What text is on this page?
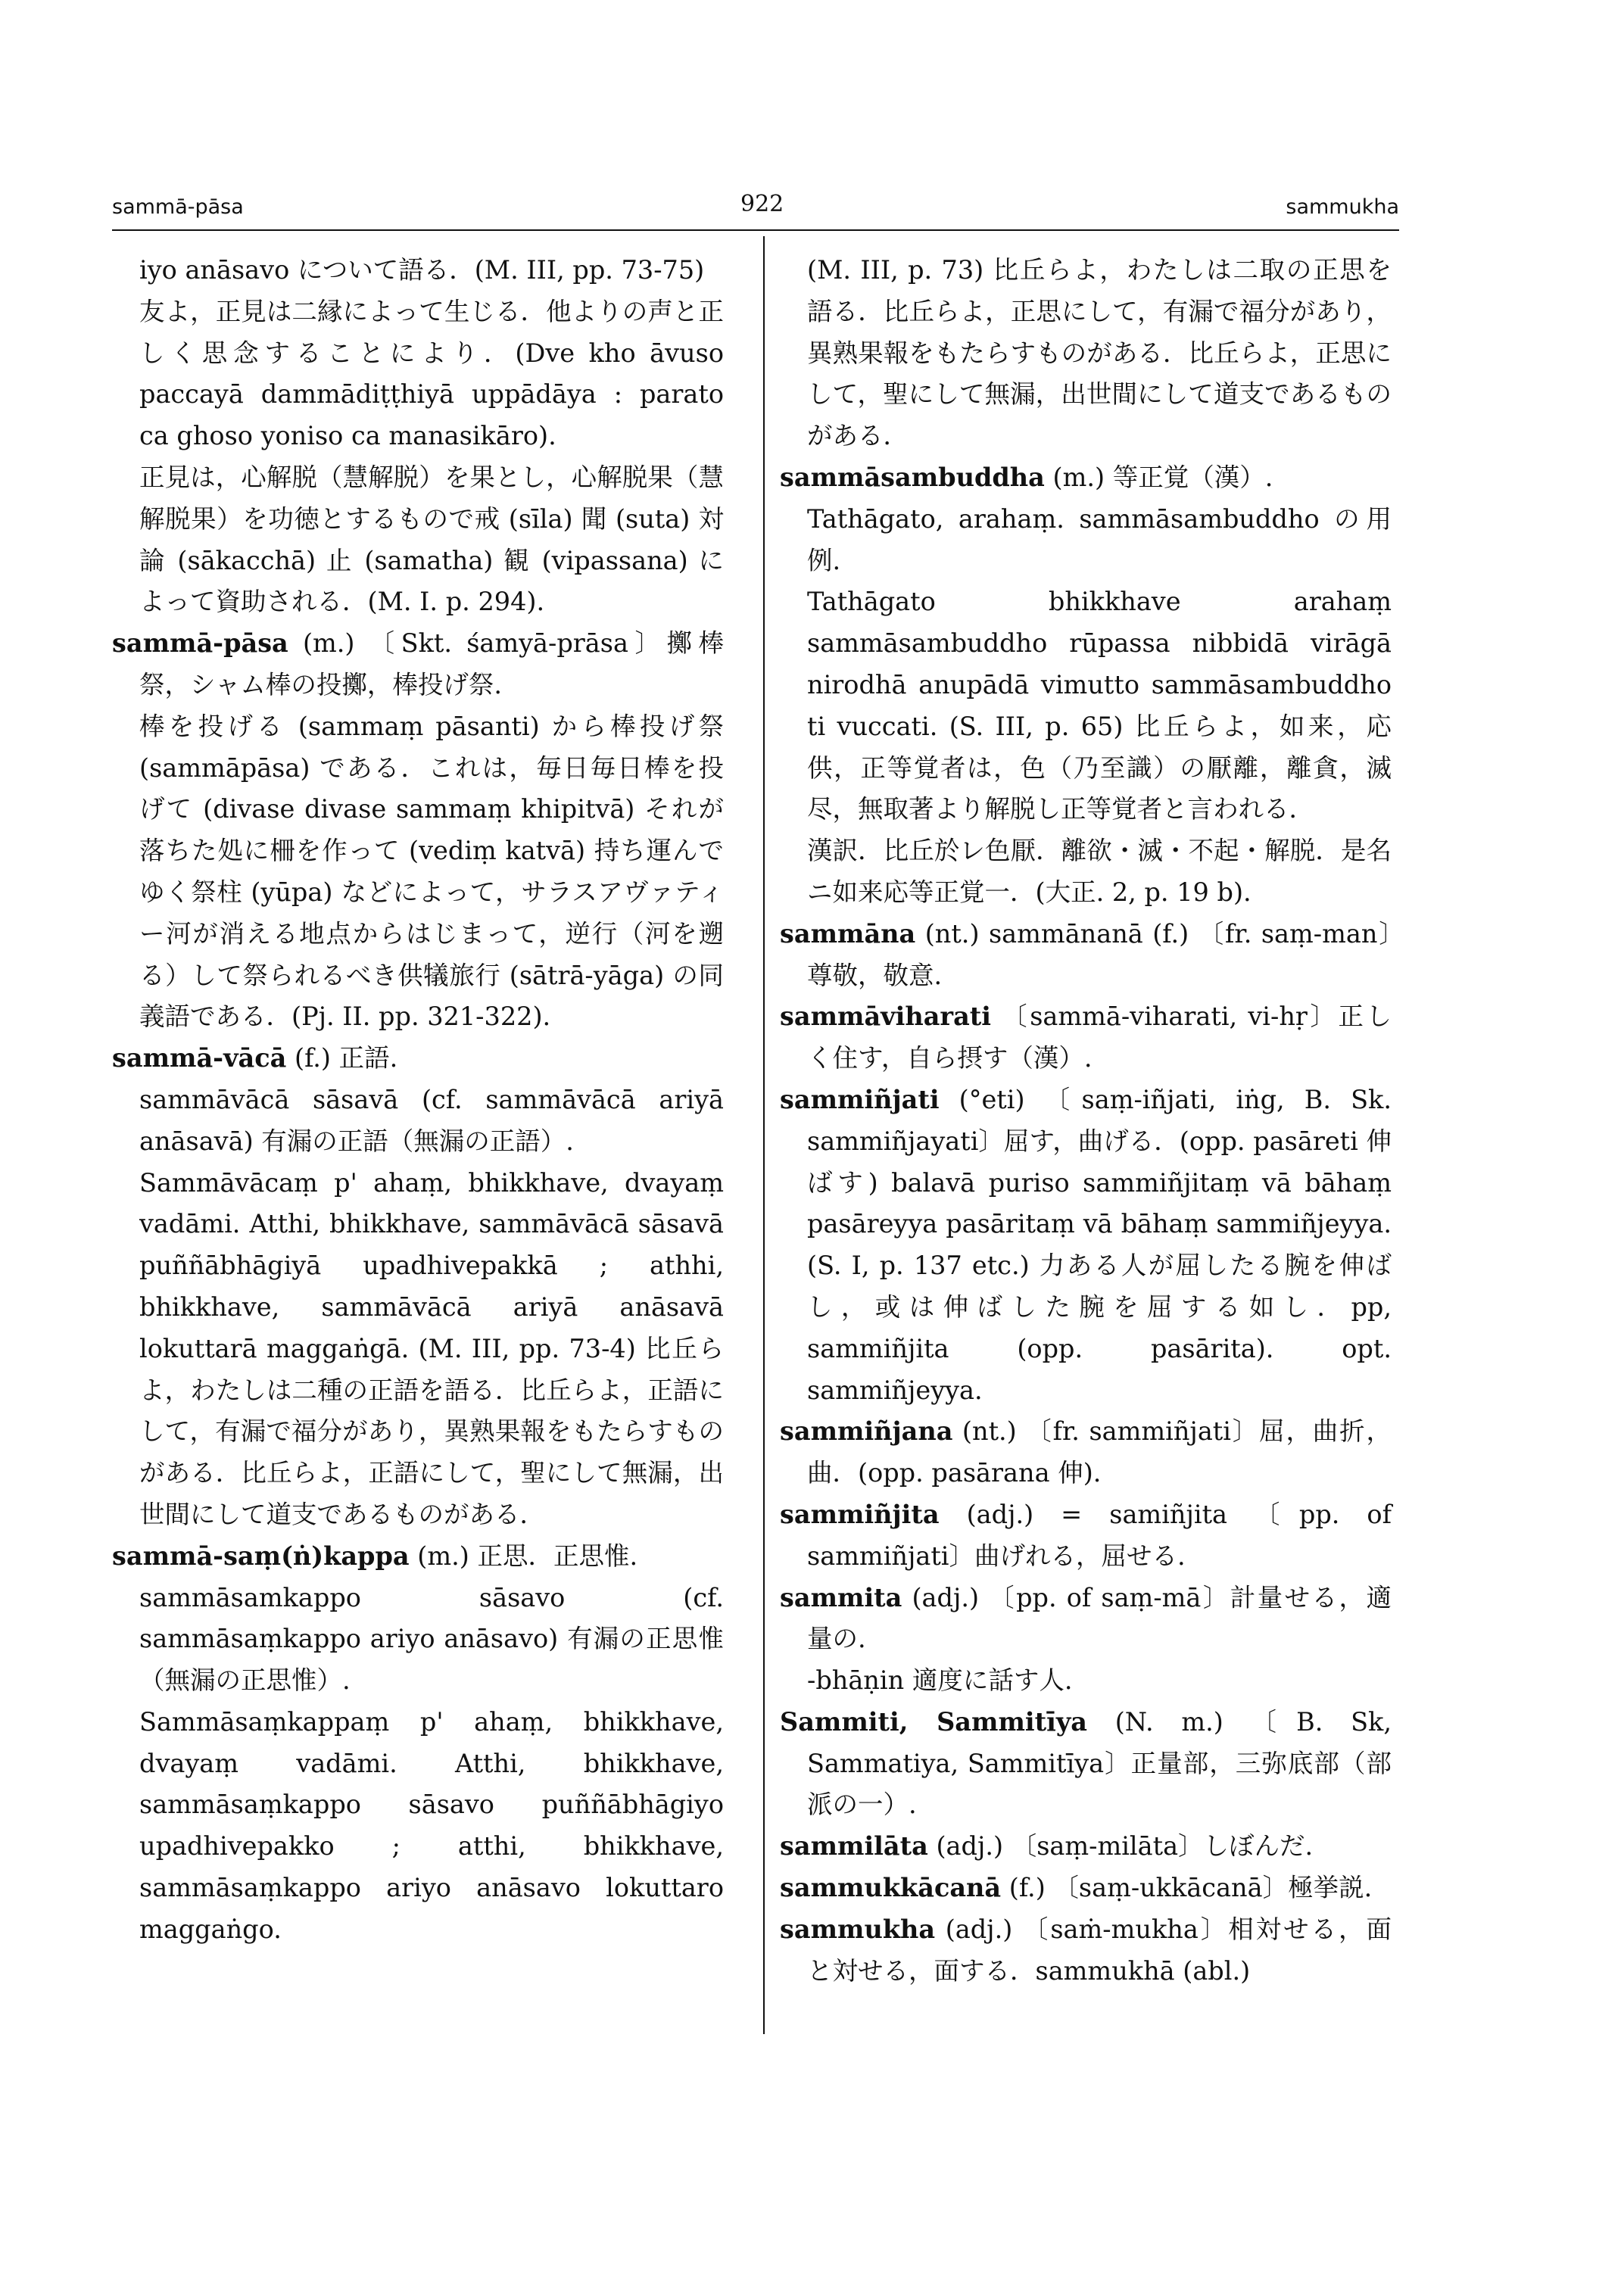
sammā-pāsa	922	sammukha
iyo anāsavo について語る．(M. III, pp. 73-75)
友よ，正見は二縁によって生じる．他よりの声と正しく思念することにより．(Dve kho āvuso paccayā dammādiṭṭhiyā uppādāya : parato ca ghoso yoniso ca manasikāro).
正見は，心解脱（慧解脱）を果とし，心解脱果（慧解脱果）を功徳とするもので戒 (sīla) 聞 (suta) 対論 (sākacchā) 止 (samatha) 観 (vipassana) によって資助される．(M. I. p. 294).
sammā-pāsa (m.) 〔Skt. śamyā-prāsa〕擲棒祭，シャム棒の投擲，棒投げ祭.
棒を投げる (sammaṃ pāsanti) から棒投げ祭 (sammāpāsa) である．これは，毎日毎日棒を投げて (divase divase sammaṃ khipitvā) それが落ちた処に柵を作って (vediṃ katvā) 持ち運んでゆく祭柱 (yūpa) などによって，サラスアヴァティー河が消える地点からはじまって，逆行（河を遡る）して祭られるべき供犠旅行 (sātrā-yāga) の同義語である．(Pj. II. pp. 321-322).
sammā-vācā (f.) 正語.
sammāvācā sāsavā (cf. sammāvācā ariyā anāsavā) 有漏の正語（無漏の正語）.
Sammāvācaṃ p' ahaṃ, bhikkhave, dvayaṃ vadāmi. Atthi, bhikkhave, sammāvācā sāsavā puññābhāgiyā upadhivepakkā ; athhi, bhikkhave, sammāvācā ariyā anāsavā lokuttarā maggaṅgā. (M. III, pp. 73-4) 比丘らよ，わたしは二種の正語を語る．比丘らよ，正語にして，有漏で福分があり，異熟果報をもたらすものがある．比丘らよ，正語にして，聖にして無漏，出世間にして道支であるものがある．
sammā-saṃ(ṅ)kappa (m.) 正思．正思惟.
sammāsamkappo sāsavo (cf. sammāsaṃkappo ariyo anāsavo) 有漏の正思惟（無漏の正思惟）.
Sammāsaṃkappaṃ p' ahaṃ, bhikkhave, dvayaṃ vadāmi. Atthi, bhikkhave, sammāsaṃkappo sāsavo puññābhāgiyo upadhivepakko ; atthi, bhikkhave, sammāsaṃkappo ariyo anāsavo lokuttaro maggaṅgo.
(M. III, p. 73) 比丘らよ，わたしは二取の正思を語る．比丘らよ，正思にして，有漏で福分があり，異熟果報をもたらすものがある．比丘らよ，正思にして，聖にして無漏，出世間にして道支であるものがある．
sammāsambuddha (m.) 等正覚（漢）.
Tathāgato, arahaṃ. sammāsambuddho の用例.
Tathāgato bhikkhave arahaṃ sammāsambuddho rūpassa nibbidā virāgā nirodhā anupādā vimutto sammāsambuddho ti vuccati. (S. III, p. 65) 比丘らよ，如来，応供，正等覚者は，色（乃至識）の厭離，離貪，滅尽，無取著より解脱し正等覚者と言われる．
漢訳．比丘於レ色厭．離欲・滅・不起・解脱．是名ニ如来応等正覚一．(大正. 2, p. 19 b).
sammāna (nt.) sammānanā (f.) 〔fr. saṃ-man〕尊敬，敬意.
sammāviharati 〔sammā-viharati, vi-hṛ〕正しく住す，自ら摂す（漢）.
sammiñjati (°eti) 〔saṃ-iñjati, iṅg, B. Sk. sammiñjayati〕屈す，曲げる．(opp. pasāreti 伸ばす) balavā puriso sammiñjitaṃ vā bāhaṃ pasāreyya pasāritaṃ vā bāhaṃ sammiñjeyya. (S. I, p. 137 etc.) 力ある人が屈したる腕を伸ばし，或は伸ばした腕を屈する如し．pp, sammiñjita (opp. pasārita). opt. sammiñjeyya.
sammiñjana (nt.) 〔fr. sammiñjati〕屈，曲折，曲．(opp. pasārana 伸).
sammiñjita (adj.) = samiñjita 〔pp. of sammiñjati〕曲げれる，屈せる.
sammita (adj.) 〔pp. of saṃ-mā〕計量せる，適量の.
-bhāṇin 適度に話す人.
Sammiti, Sammitīya (N. m.) 〔B. Sk, Sammatiya, Sammitīya〕正量部，三弥底部（部派の一）.
sammilāta (adj.) 〔saṃ-milāta〕しぼんだ.
sammukkācanā (f.) 〔saṃ-ukkācanā〕極挙説.
sammukha (adj.) 〔saṁ-mukha〕相対せる，面と対せる，面する．sammukhā (abl.)
